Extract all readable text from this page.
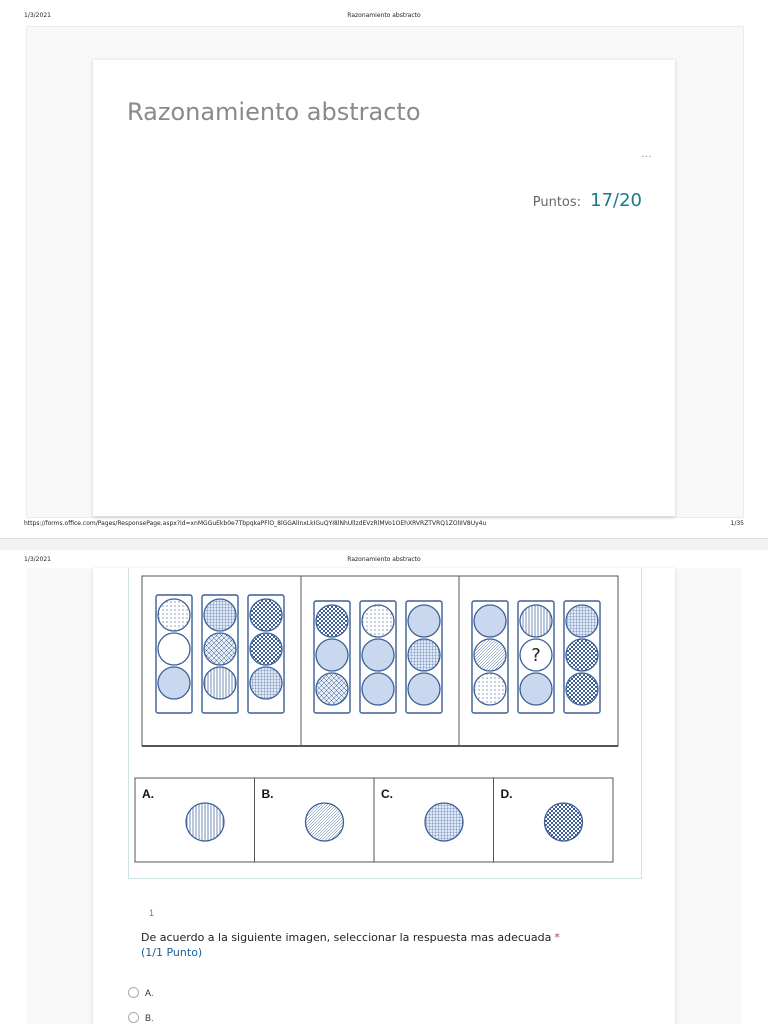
1/3/2021	Razonamiento abstracto
Razonamiento abstracto
…
Puntos: 17/20
https://forms.office.com/Pages/ResponsePage.aspx?id=xnMGGuEkb0e7TbpqkaPFlO_8lGGAlInxLkIGuQYI8lNhUllzdEVzRlMVo1OEhXRVRZTVRQ1ZOlIIV8Uy4u	1/35
1/3/2021	Razonamiento abstracto
?
A.	B.	C.	D.
1
De acuerdo a la siguiente imagen, seleccionar la respuesta mas adecuada *
(1/1 Punto)
A.
B.
